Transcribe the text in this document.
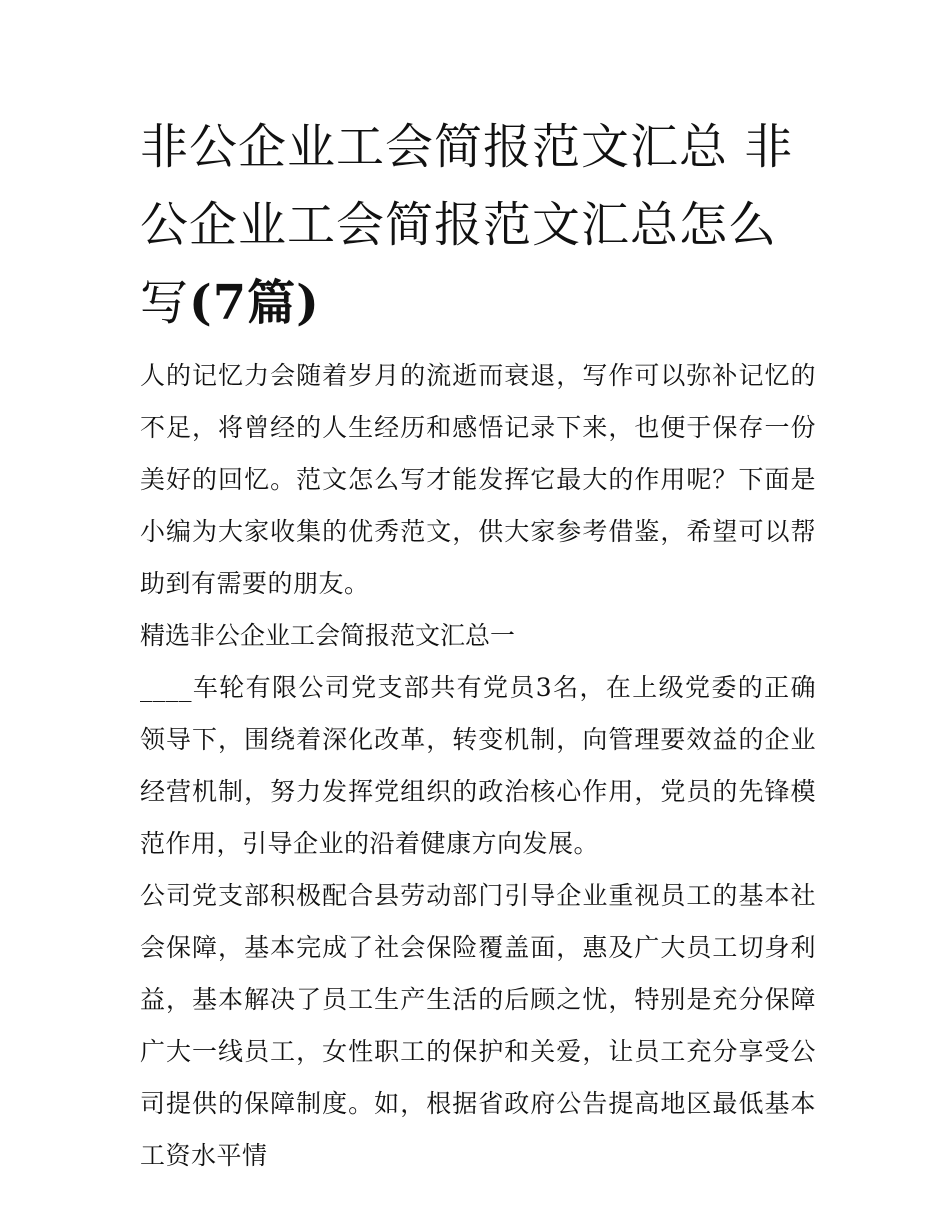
非公企业工会简报范文汇总 非公企业工会简报范文汇总怎么写(7篇)

人的记忆力会随着岁月的流逝而衰退，写作可以弥补记忆的不足，将曾经的人生经历和感悟记录下来，也便于保存一份美好的回忆。范文怎么写才能发挥它最大的作用呢？下面是小编为大家收集的优秀范文，供大家参考借鉴，希望可以帮助到有需要的朋友。

精选非公企业工会简报范文汇总一

____车轮有限公司党支部共有党员3名，在上级党委的正确领导下，围绕着深化改革，转变机制，向管理要效益的企业经营机制，努力发挥党组织的政治核心作用，党员的先锋模范作用，引导企业的沿着健康方向发展。

公司党支部积极配合县劳动部门引导企业重视员工的基本社会保障，基本完成了社会保险覆盖面，惠及广大员工切身利益，基本解决了员工生产生活的后顾之忧，特别是充分保障广大一线员工，女性职工的保护和关爱，让员工充分享受公司提供的保障制度。如，根据省政府公告提高地区最低基本工资水平情
